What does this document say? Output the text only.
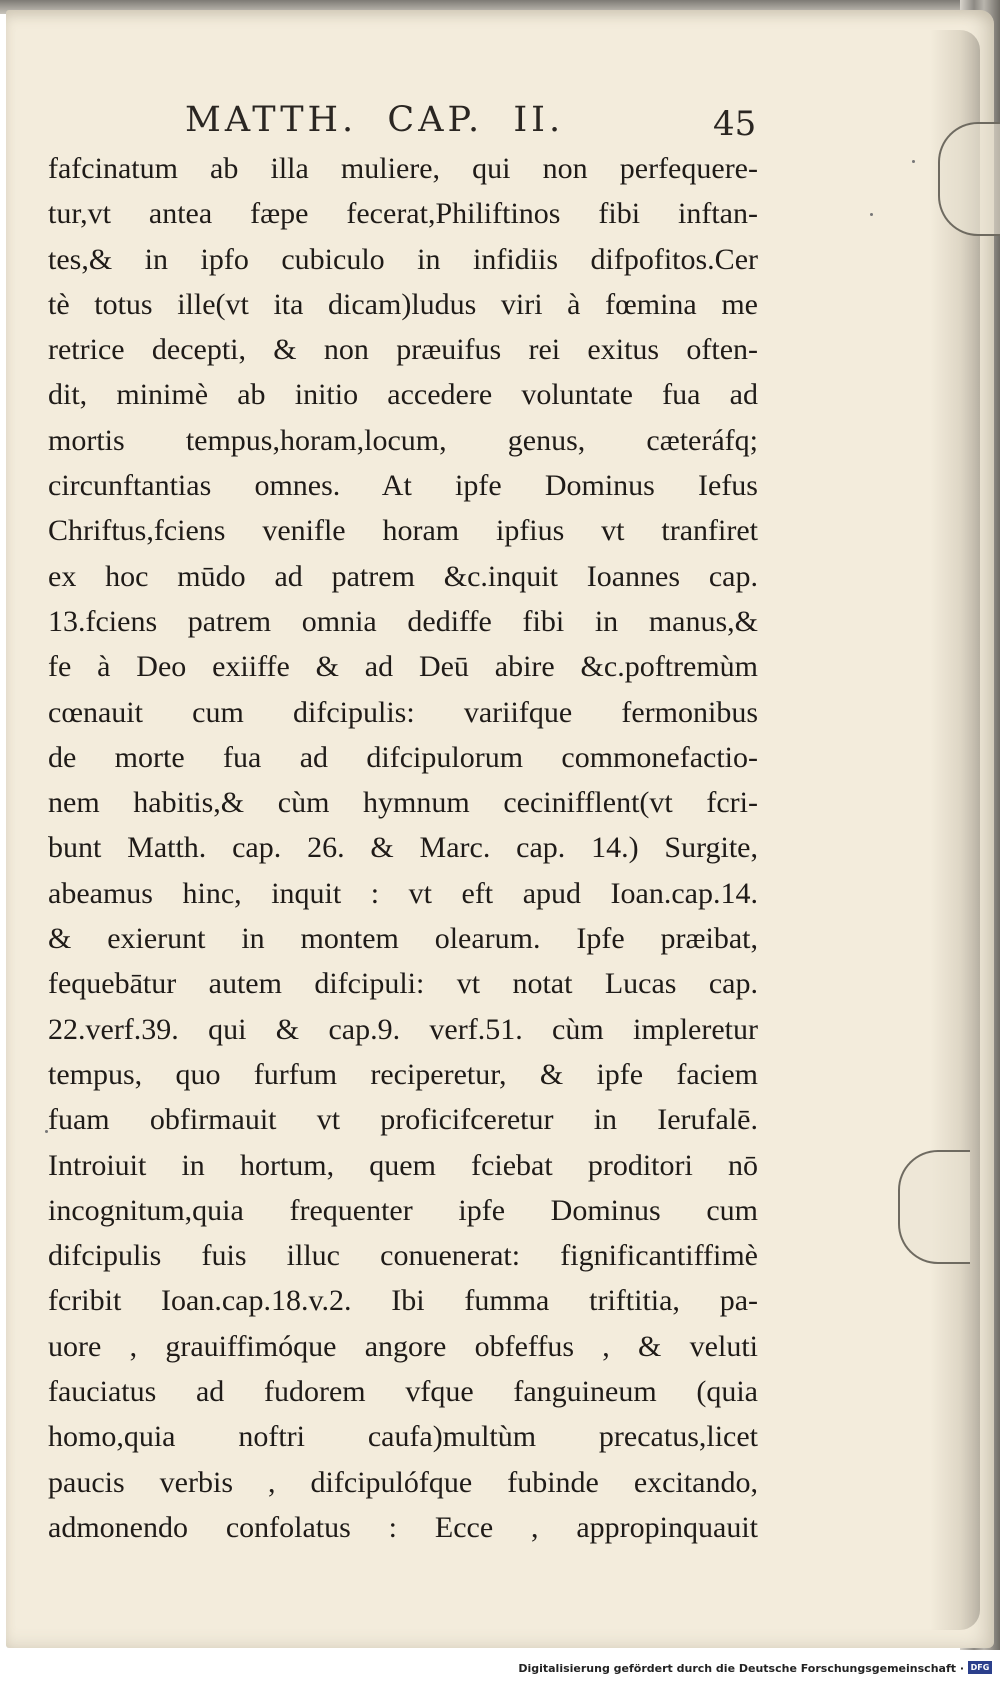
MATTH.  CAP.  II.	45
fafcinatum ab illa muliere, qui non perfequere-
tur,vt antea fæpe fecerat,Philiftinos fibi inftan-
tes,& in ipfo cubiculo in infidiis difpofitos.Cer
tè totus ille(vt ita dicam)ludus viri à fœmina me
retrice decepti, & non præuifus rei exitus often-
dit, minimè ab initio accedere voluntate fua ad
mortis tempus,horam,locum, genus, cæteráfq;
circunftantias omnes. At ipfe Dominus Iefus
Chriftus,fciens venifle horam ipfius vt tranfiret
ex hoc mūdo ad patrem &c.inquit Ioannes cap.
13.fciens patrem omnia dediffe fibi in manus,&
fe à Deo exiiffe & ad Deū abire &c.poftremùm
cœnauit cum difcipulis: variifque fermonibus
de morte fua ad difcipulorum commonefactio-
nem habitis,& cùm hymnum cecinifflent(vt fcri-
bunt Matth. cap. 26. & Marc. cap. 14.) Surgite,
abeamus hinc, inquit : vt eft apud Ioan.cap.14.
& exierunt in montem olearum. Ipfe præibat,
fequebātur autem difcipuli: vt notat Lucas cap.
22.verf.39. qui & cap.9. verf.51. cùm impleretur
tempus, quo furfum reciperetur, & ipfe faciem
fuam obfirmauit vt proficifceretur in Ierufalē.
Introiuit in hortum, quem fciebat proditori nō
incognitum,quia frequenter ipfe Dominus cum
difcipulis fuis illuc conuenerat: fignificantiffimè
fcribit Ioan.cap.18.v.2. Ibi fumma triftitia, pa-
uore , grauiffimóque angore obfeffus , & veluti
fauciatus ad fudorem vfque fanguineum (quia
homo,quia noftri caufa)multùm precatus,licet
paucis verbis , difcipulófque fubinde excitando,
admonendo confolatus : Ecce , appropinquauit
Digitalisierung gefördert durch die Deutsche Forschungsgemeinschaft · DFG
